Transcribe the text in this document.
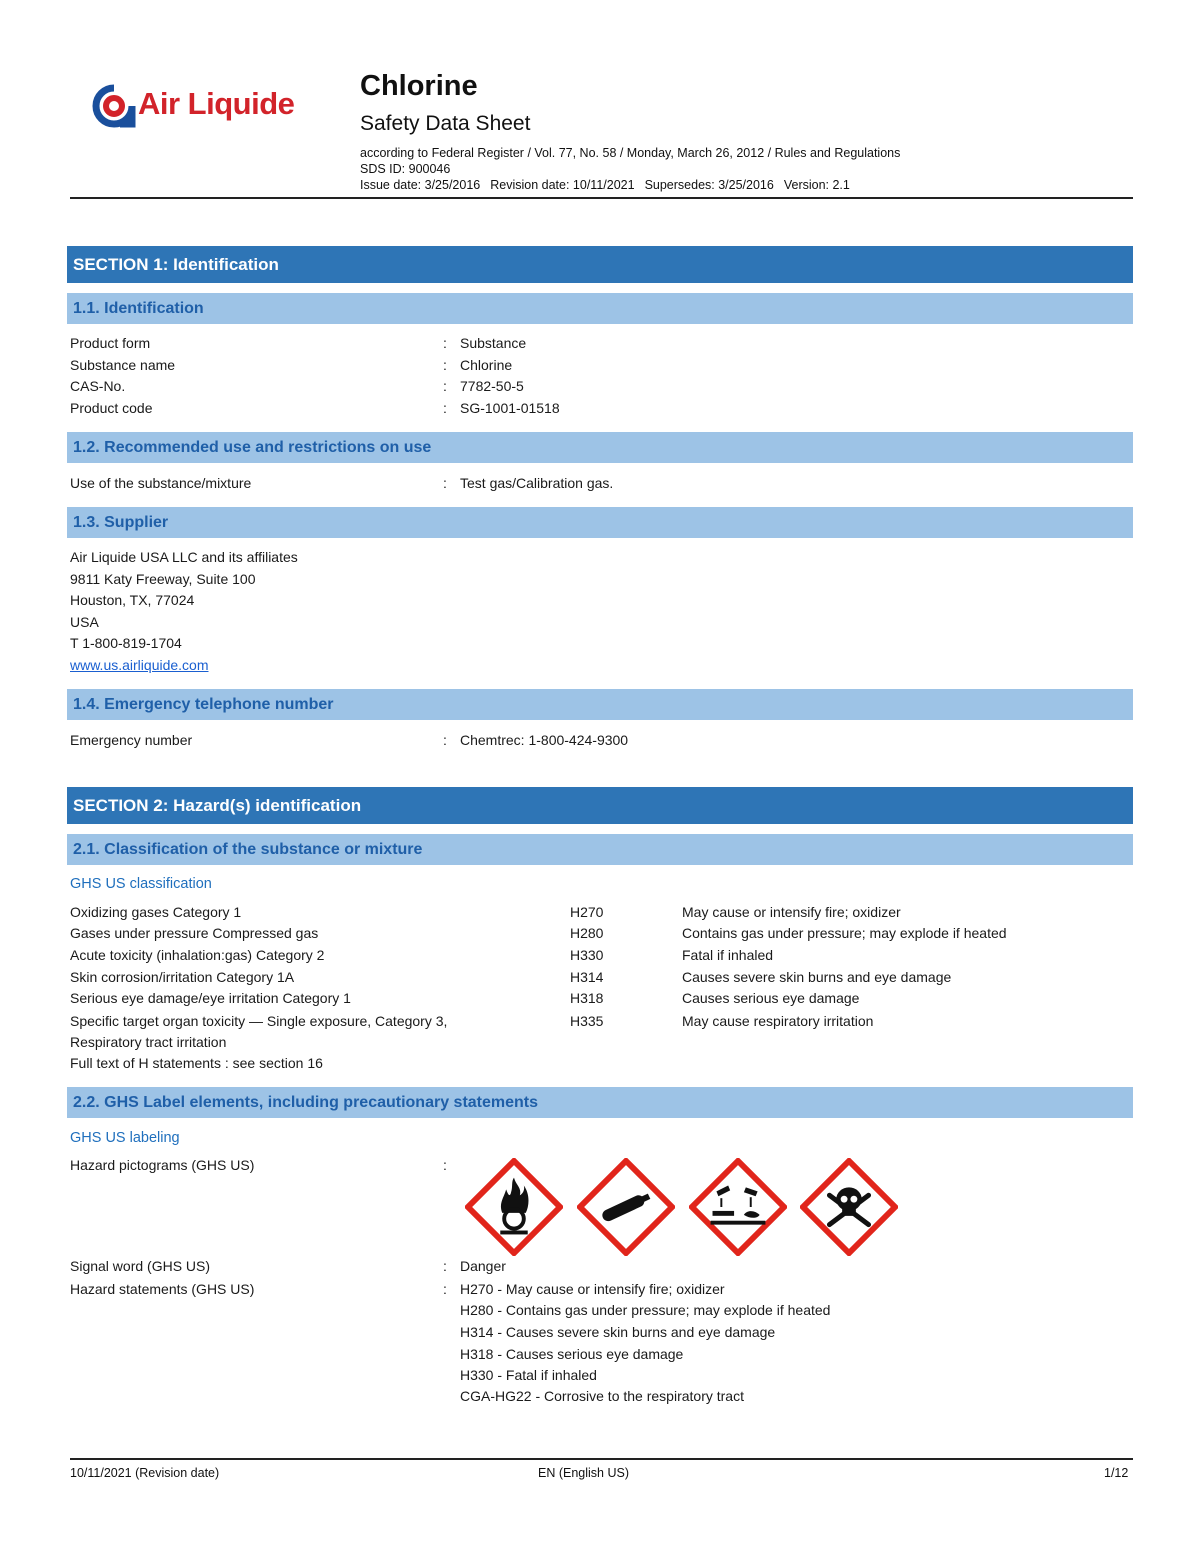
Air Liquide Chlorine
Safety Data Sheet
according to Federal Register / Vol. 77, No. 58 / Monday, March 26, 2012 / Rules and Regulations
SDS ID: 900046
Issue date: 3/25/2016 Revision date: 10/11/2021 Supersedes: 3/25/2016 Version: 2.1
SECTION 1: Identification
1.1. Identification
Product form	: Substance
Substance name	: Chlorine
CAS-No.	: 7782-50-5
Product code	: SG-1001-01518
1.2. Recommended use and restrictions on use
Use of the substance/mixture	: Test gas/Calibration gas.
1.3. Supplier
Air Liquide USA LLC and its affiliates
9811 Katy Freeway, Suite 100
Houston, TX, 77024
USA
T 1-800-819-1704
www.us.airliquide.com
1.4. Emergency telephone number
Emergency number	: Chemtrec: 1-800-424-9300
SECTION 2: Hazard(s) identification
2.1. Classification of the substance or mixture
GHS US classification
Oxidizing gases Category 1	H270	May cause or intensify fire; oxidizer
Gases under pressure Compressed gas	H280	Contains gas under pressure; may explode if heated
Acute toxicity (inhalation:gas) Category 2	H330	Fatal if inhaled
Skin corrosion/irritation Category 1A	H314	Causes severe skin burns and eye damage
Serious eye damage/eye irritation Category 1	H318	Causes serious eye damage
Specific target organ toxicity — Single exposure, Category 3,	H335	May cause respiratory irritation
Respiratory tract irritation
Full text of H statements : see section 16
2.2. GHS Label elements, including precautionary statements
GHS US labeling
Hazard pictograms (GHS US)	:
Signal word (GHS US)	: Danger
Hazard statements (GHS US)	: H270 - May cause or intensify fire; oxidizer
H280 - Contains gas under pressure; may explode if heated
H314 - Causes severe skin burns and eye damage
H318 - Causes serious eye damage
H330 - Fatal if inhaled
CGA-HG22 - Corrosive to the respiratory tract
10/11/2021 (Revision date)	EN (English US)	1/12
